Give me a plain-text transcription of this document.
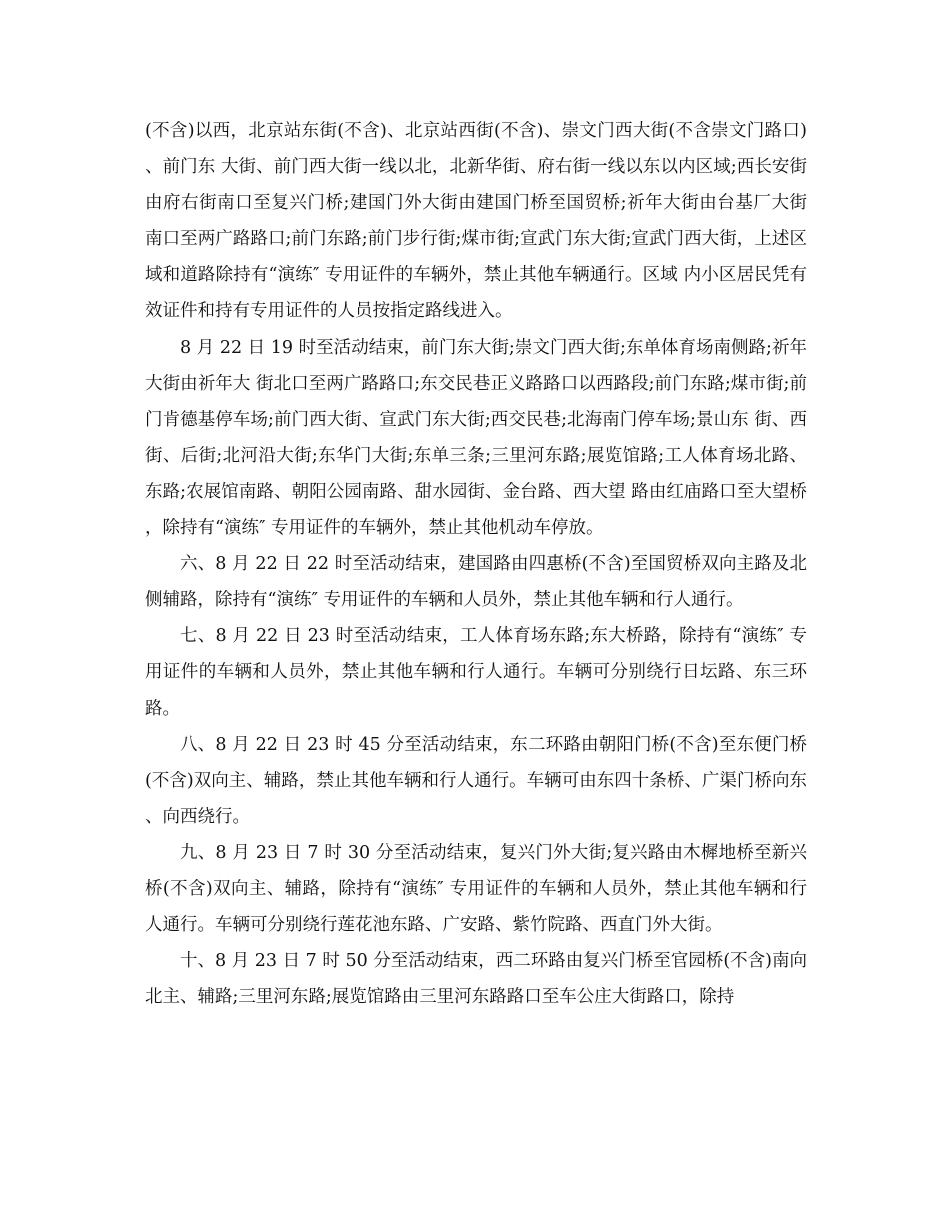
(不含)以西，北京站东街(不含)、北京站西街(不含)、崇文门西大街(不含崇文门路口)、前门东 大街、前门西大街一线以北，北新华街、府右街一线以东以内区域;西长安街由府右街南口至复兴门桥;建国门外大街由建国门桥至国贸桥;祈年大街由台基厂大街 南口至两广路路口;前门东路;前门步行街;煤市街;宣武门东大街;宣武门西大街，上述区域和道路除持有“演练″ 专用证件的车辆外，禁止其他车辆通行。区域 内小区居民凭有效证件和持有专用证件的人员按指定路线进入。

8 月 22 日 19 时至活动结束，前门东大街;崇文门西大街;东单体育场南侧路;祈年大街由祈年大 街北口至两广路路口;东交民巷正义路路口以西路段;前门东路;煤市街;前门肯德基停车场;前门西大街、宣武门东大街;西交民巷;北海南门停车场;景山东 街、西街、后街;北河沿大街;东华门大街;东单三条;三里河东路;展览馆路;工人体育场北路、东路;农展馆南路、朝阳公园南路、甜水园街、金台路、西大望 路由红庙路口至大望桥，除持有“演练″ 专用证件的车辆外，禁止其他机动车停放。

六、8 月 22 日 22 时至活动结束，建国路由四惠桥(不含)至国贸桥双向主路及北侧辅路，除持有“演练″ 专用证件的车辆和人员外，禁止其他车辆和行人通行。

七、8 月 22 日 23 时至活动结束，工人体育场东路;东大桥路，除持有“演练″ 专用证件的车辆和人员外，禁止其他车辆和行人通行。车辆可分别绕行日坛路、东三环路。

八、8 月 22 日 23 时 45 分至活动结束，东二环路由朝阳门桥(不含)至东便门桥(不含)双向主、辅路，禁止其他车辆和行人通行。车辆可由东四十条桥、广渠门桥向东、向西绕行。

九、8 月 23 日 7 时 30 分至活动结束，复兴门外大街;复兴路由木樨地桥至新兴桥(不含)双向主、辅路，除持有“演练″ 专用证件的车辆和人员外，禁止其他车辆和行人通行。车辆可分别绕行莲花池东路、广安路、紫竹院路、西直门外大街。

十、8 月 23 日 7 时 50 分至活动结束，西二环路由复兴门桥至官园桥(不含)南向北主、辅路;三里河东路;展览馆路由三里河东路路口至车公庄大街路口，除持
